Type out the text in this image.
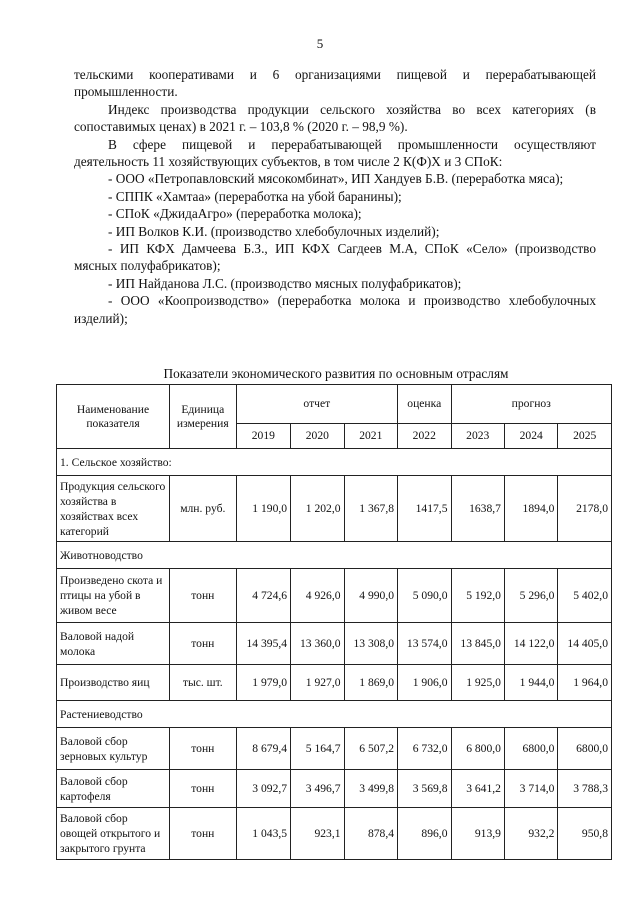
5

тельскими кооперативами и 6 организациями пищевой и перерабатывающей промышленности.

Индекс производства продукции сельского хозяйства во всех категориях (в сопоставимых ценах) в 2021 г. – 103,8 % (2020 г. – 98,9 %).

В сфере пищевой и перерабатывающей промышленности осуществляют деятельность 11 хозяйствующих субъектов, в том числе 2 К(Ф)Х и 3 СПоК:

- ООО «Петропавловский мясокомбинат», ИП Хандуев Б.В. (переработка мяса);

- СППК «Хамтаа» (переработка на убой баранины);

- СПоК «ДжидаАгро» (переработка молока);

- ИП Волков К.И. (производство хлебобулочных изделий);

- ИП КФХ Дамчеева Б.З., ИП КФХ Сагдеев М.А, СПоК «Село» (производство мясных полуфабрикатов);

- ИП Найданова Л.С. (производство мясных полуфабрикатов);

- ООО «Коопроизводство» (переработка молока и производство хлебобулочных изделий);

Показатели экономического развития по основным отраслям
Наименование показателя	Единица измерения	отчет			оценка	прогноз		
		2019	2020	2021	2022	2023	2024	2025
1. Сельское хозяйство:								
Продукция сельского хозяйства в хозяйствах всех категорий	млн. руб.	1 190,0	1 202,0	1 367,8	1417,5	1638,7	1894,0	2178,0
Животноводство								
Произведено скота и птицы на убой в живом весе	тонн	4 724,6	4 926,0	4 990,0	5 090,0	5 192,0	5 296,0	5 402,0
Валовой надой молока	тонн	14 395,4	13 360,0	13 308,0	13 574,0	13 845,0	14 122,0	14 405,0
Производство яиц	тыс. шт.	1 979,0	1 927,0	1 869,0	1 906,0	1 925,0	1 944,0	1 964,0
Растениеводство								
Валовой сбор зерновых культур	тонн	8 679,4	5 164,7	6 507,2	6 732,0	6 800,0	6800,0	6800,0
Валовой сбор картофеля	тонн	3 092,7	3 496,7	3 499,8	3 569,8	3 641,2	3 714,0	3 788,3
Валовой сбор овощей открытого и закрытого грунта	тонн	1 043,5	923,1	878,4	896,0	913,9	932,2	950,8
